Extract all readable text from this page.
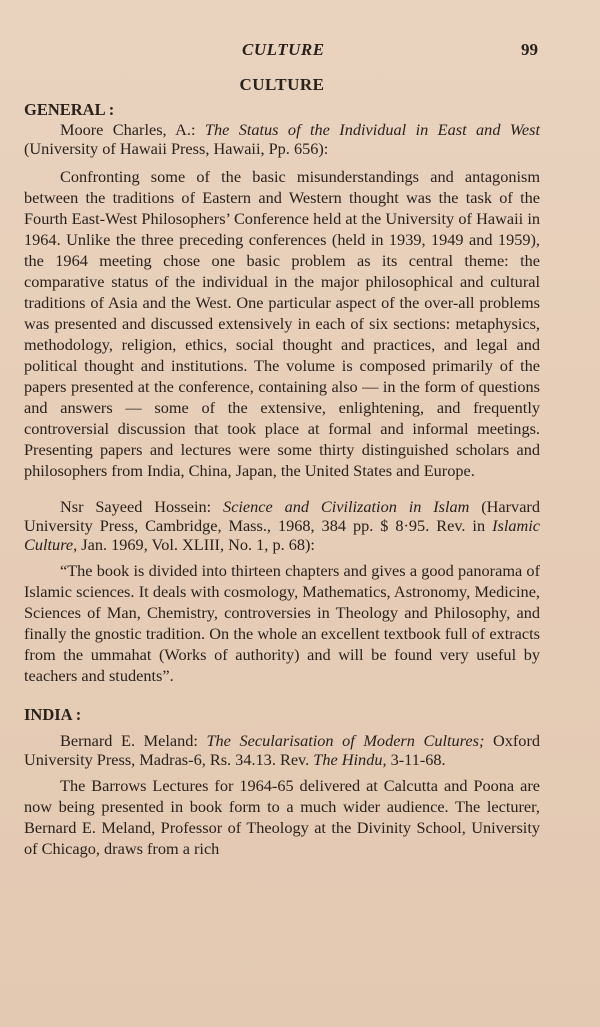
CULTURE	99
CULTURE
GENERAL :

Moore Charles, A.: The Status of the Individual in East and West (University of Hawaii Press, Hawaii, Pp. 656):

Confronting some of the basic misunderstandings and antagonism between the traditions of Eastern and Western thought was the task of the Fourth East-West Philosophers’ Conference held at the University of Hawaii in 1964. Unlike the three preceding conferences (held in 1939, 1949 and 1959), the 1964 meeting chose one basic problem as its central theme: the comparative status of the individual in the major philosophical and cultural traditions of Asia and the West. One particular aspect of the over-all problems was presented and discussed extensively in each of six sections: metaphysics, methodology, religion, ethics, social thought and practices, and legal and political thought and institutions. The volume is composed primarily of the papers presented at the conference, containing also — in the form of questions and answers — some of the extensive, enlightening, and frequently controversial discussion that took place at formal and informal meetings. Presenting papers and lectures were some thirty distinguished scholars and philosophers from India, China, Japan, the United States and Europe.

Nsr Sayeed Hossein: Science and Civilization in Islam (Harvard University Press, Cambridge, Mass., 1968, 384 pp. $ 8·95. Rev. in Islamic Culture, Jan. 1969, Vol. XLIII, No. 1, p. 68):

“The book is divided into thirteen chapters and gives a good panorama of Islamic sciences. It deals with cosmology, Mathematics, Astronomy, Medicine, Sciences of Man, Chemistry, controversies in Theology and Philosophy, and finally the gnostic tradition. On the whole an excellent textbook full of extracts from the ummahat (Works of authority) and will be found very useful by teachers and students”.

INDIA :

Bernard E. Meland: The Secularisation of Modern Cultures; Oxford University Press, Madras-6, Rs. 34.13. Rev. The Hindu, 3-11-68.

The Barrows Lectures for 1964-65 delivered at Calcutta and Poona are now being presented in book form to a much wider audience. The lecturer, Bernard E. Meland, Professor of Theology at the Divinity School, University of Chicago, draws from a rich
